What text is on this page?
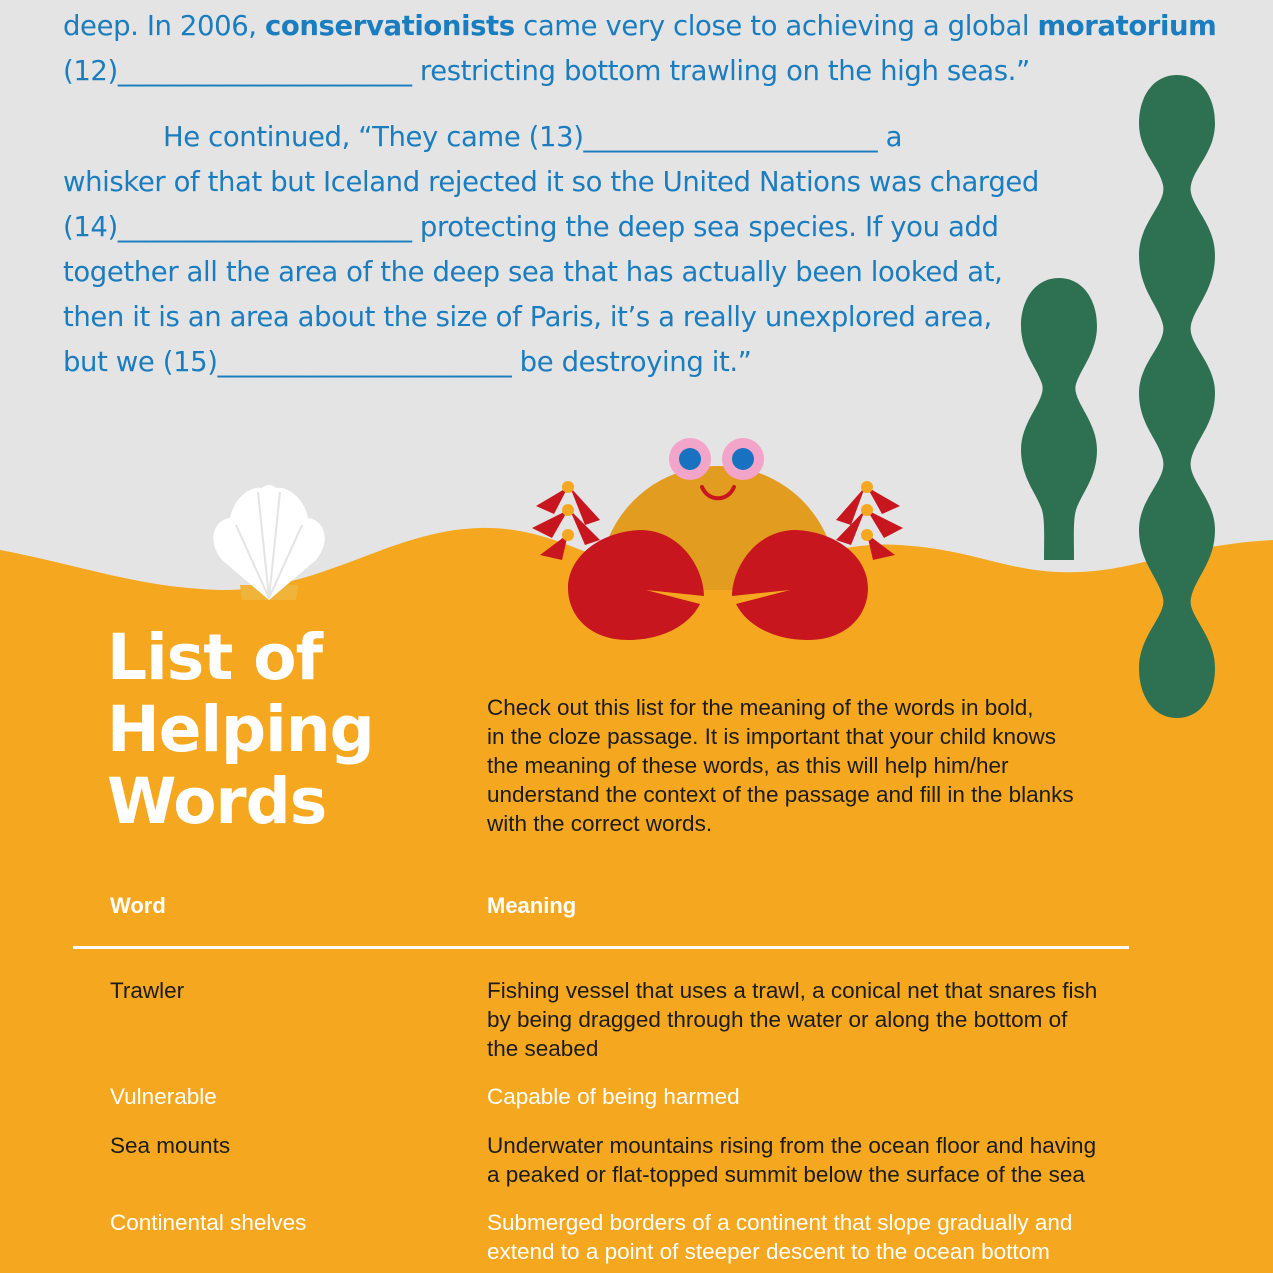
deep. In 2006, conservationists came very close to achieving a global moratorium
(12)______________________ restricting bottom trawling on the high seas.”

He continued, “They came (13)______________________ a
whisker of that but Iceland rejected it so the United Nations was charged
(14)______________________ protecting the deep sea species. If you add
together all the area of the deep sea that has actually been looked at,
then it is an area about the size of Paris, it’s a really unexplored area,
but we (15)______________________ be destroying it.”

List of
Helping
Words
Check out this list for the meaning of the words in bold,
in the cloze passage. It is important that your child knows
the meaning of these words, as this will help him/her
understand the context of the passage and fill in the blanks
with the correct words.
Word	Meaning
Trawler	Fishing vessel that uses a trawl, a conical net that snares fish
by being dragged through the water or along the bottom of
the seabed
Vulnerable	Capable of being harmed
Sea mounts	Underwater mountains rising from the ocean floor and having
a peaked or flat-topped summit below the surface of the sea
Continental shelves	Submerged borders of a continent that slope gradually and
extend to a point of steeper descent to the ocean bottom
